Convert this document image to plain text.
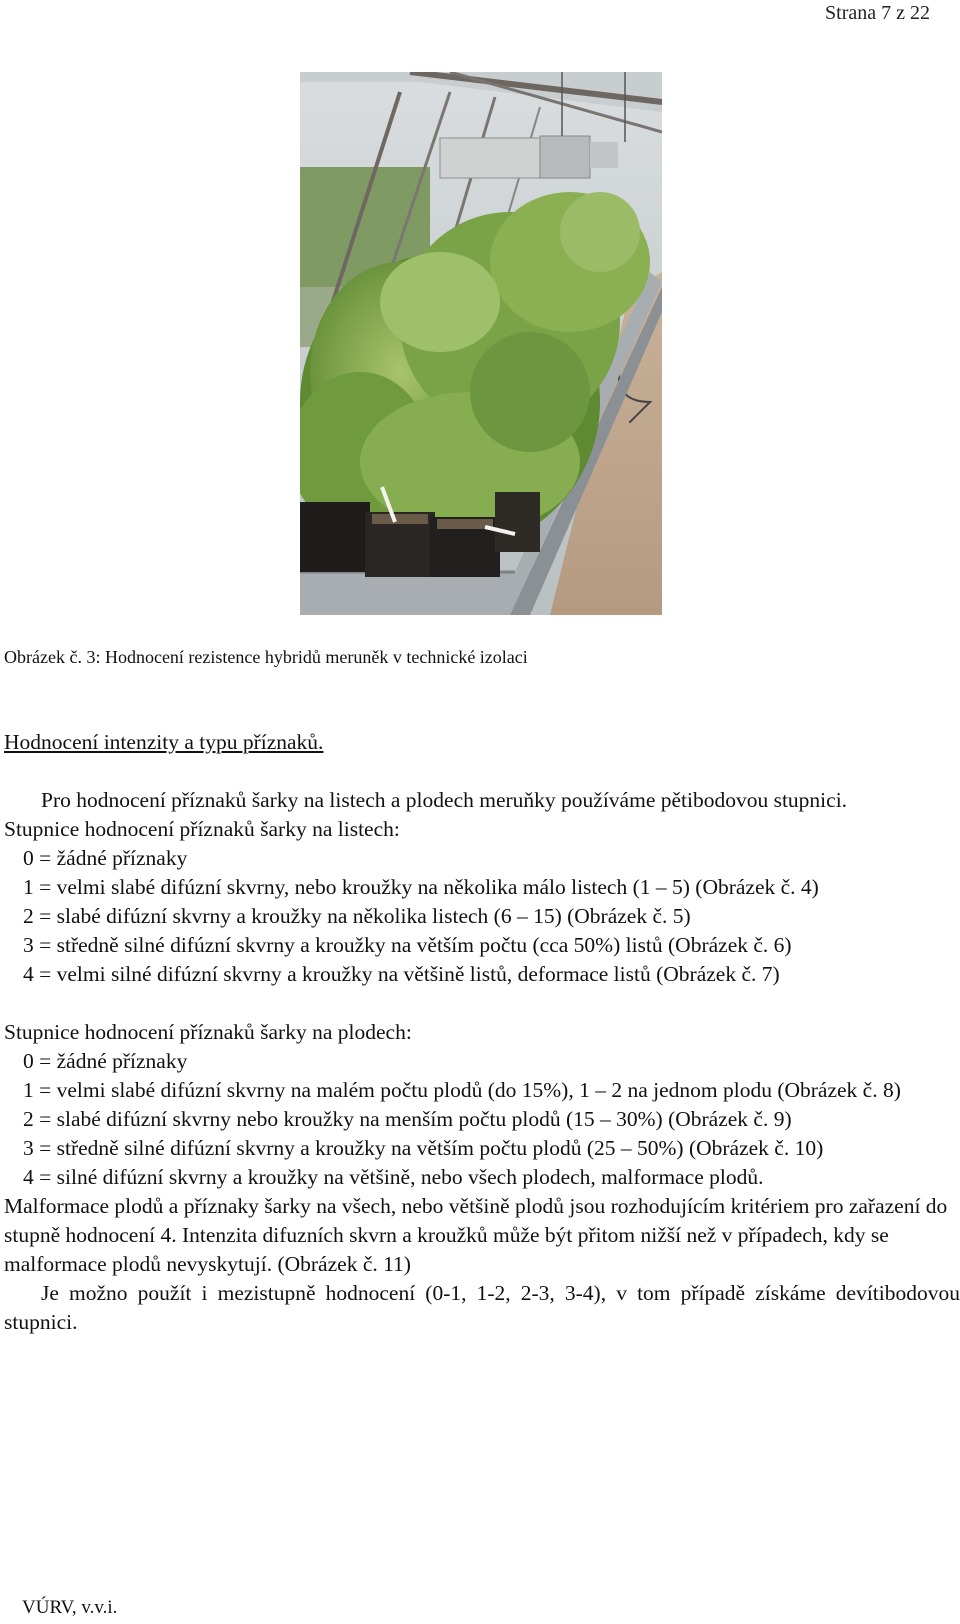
Strana 7 z 22
Obrázek č. 3: Hodnocení rezistence hybridů meruněk v technické izolaci

Hodnocení intenzity a typu příznaků.

Pro hodnocení příznaků šarky na listech a plodech meruňky používáme pětibodovou stupnici.

Stupnice hodnocení příznaků šarky na listech:

0 = žádné příznaky

1 = velmi slabé difúzní skvrny, nebo kroužky na několika málo listech (1 – 5) (Obrázek č. 4)

2 = slabé difúzní skvrny a kroužky na několika listech (6 – 15) (Obrázek č. 5)

3 = středně silné difúzní skvrny a kroužky na větším počtu (cca 50%) listů (Obrázek č. 6)

4 = velmi silné difúzní skvrny a kroužky na většině listů, deformace listů (Obrázek č. 7)

Stupnice hodnocení příznaků šarky na plodech:

0 = žádné příznaky

1 = velmi slabé difúzní skvrny na malém počtu plodů (do 15%), 1 – 2 na jednom plodu (Obrázek č. 8)

2 = slabé difúzní skvrny nebo kroužky na menším počtu plodů (15 – 30%) (Obrázek č. 9)

3 = středně silné difúzní skvrny a kroužky na větším počtu plodů (25 – 50%) (Obrázek č. 10)

4 = silné difúzní skvrny a kroužky na většině, nebo všech plodech, malformace plodů.

Malformace plodů a příznaky šarky na všech, nebo většině plodů jsou rozhodujícím kritériem pro zařazení do stupně hodnocení 4. Intenzita difuzních skvrn a kroužků může být přitom nižší než v případech, kdy se malformace plodů nevyskytují. (Obrázek č. 11)

Je možno použít i mezistupně hodnocení (0-1, 1-2, 2-3, 3-4), v tom případě získáme devítibodovou stupnici.

VÚRV, v.v.i.
